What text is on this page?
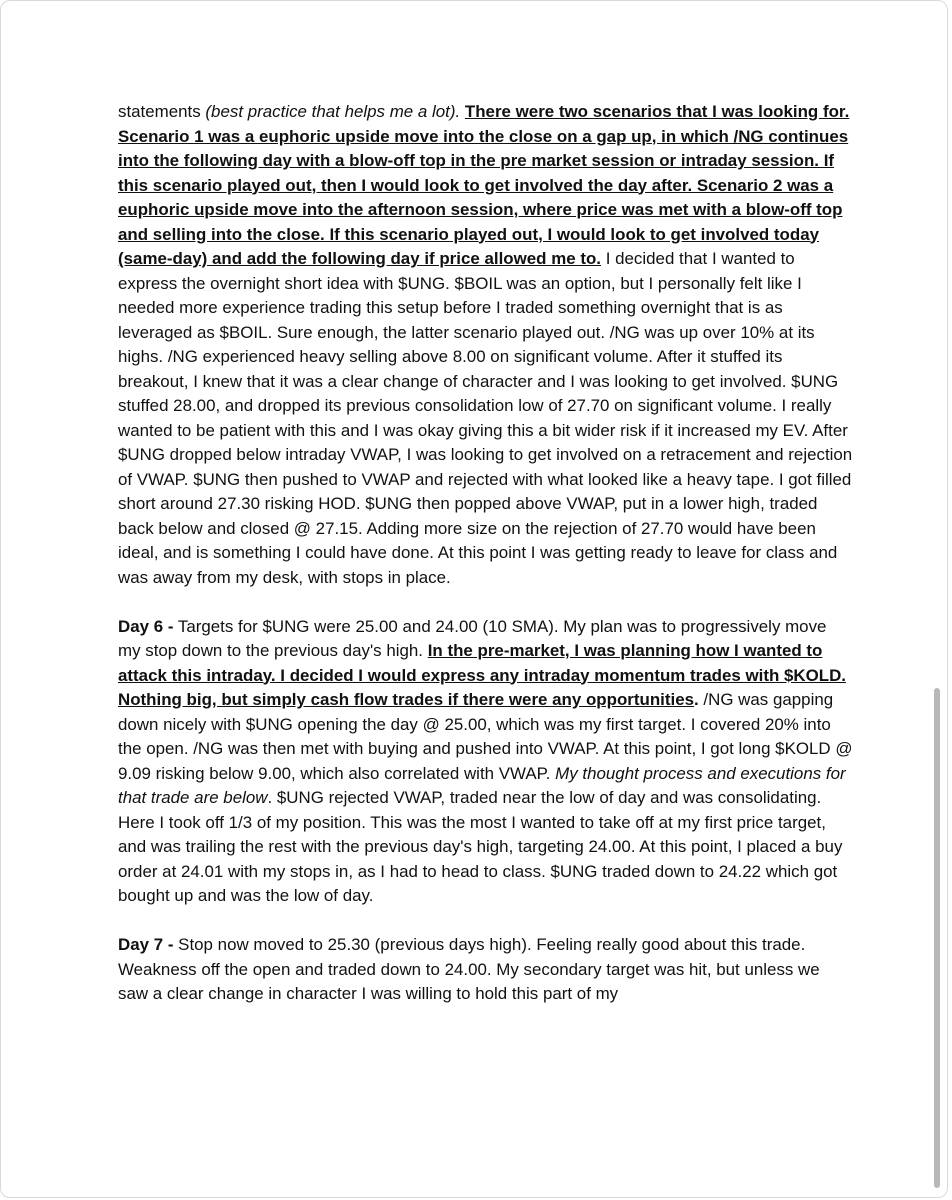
statements (best practice that helps me a lot). There were two scenarios that I was looking for. Scenario 1 was a euphoric upside move into the close on a gap up, in which /NG continues into the following day with a blow-off top in the pre market session or intraday session. If this scenario played out, then I would look to get involved the day after. Scenario 2 was a euphoric upside move into the afternoon session, where price was met with a blow-off top and selling into the close. If this scenario played out, I would look to get involved today (same-day) and add the following day if price allowed me to. I decided that I wanted to express the overnight short idea with $UNG. $BOIL was an option, but I personally felt like I needed more experience trading this setup before I traded something overnight that is as leveraged as $BOIL. Sure enough, the latter scenario played out. /NG was up over 10% at its highs. /NG experienced heavy selling above 8.00 on significant volume. After it stuffed its breakout, I knew that it was a clear change of character and I was looking to get involved. $UNG stuffed 28.00, and dropped its previous consolidation low of 27.70 on significant volume. I really wanted to be patient with this and I was okay giving this a bit wider risk if it increased my EV. After $UNG dropped below intraday VWAP, I was looking to get involved on a retracement and rejection of VWAP. $UNG then pushed to VWAP and rejected with what looked like a heavy tape. I got filled short around 27.30 risking HOD. $UNG then popped above VWAP, put in a lower high, traded back below and closed @ 27.15. Adding more size on the rejection of 27.70 would have been ideal, and is something I could have done. At this point I was getting ready to leave for class and was away from my desk, with stops in place.

Day 6 - Targets for $UNG were 25.00 and 24.00 (10 SMA). My plan was to progressively move my stop down to the previous day's high. In the pre-market, I was planning how I wanted to attack this intraday. I decided I would express any intraday momentum trades with $KOLD. Nothing big, but simply cash flow trades if there were any opportunities. /NG was gapping down nicely with $UNG opening the day @ 25.00, which was my first target. I covered 20% into the open. /NG was then met with buying and pushed into VWAP. At this point, I got long $KOLD @ 9.09 risking below 9.00, which also correlated with VWAP. My thought process and executions for that trade are below. $UNG rejected VWAP, traded near the low of day and was consolidating. Here I took off 1/3 of my position. This was the most I wanted to take off at my first price target, and was trailing the rest with the previous day's high, targeting 24.00. At this point, I placed a buy order at 24.01 with my stops in, as I had to head to class. $UNG traded down to 24.22 which got bought up and was the low of day.

Day 7 - Stop now moved to 25.30 (previous days high). Feeling really good about this trade. Weakness off the open and traded down to 24.00. My secondary target was hit, but unless we saw a clear change in character I was willing to hold this part of my
